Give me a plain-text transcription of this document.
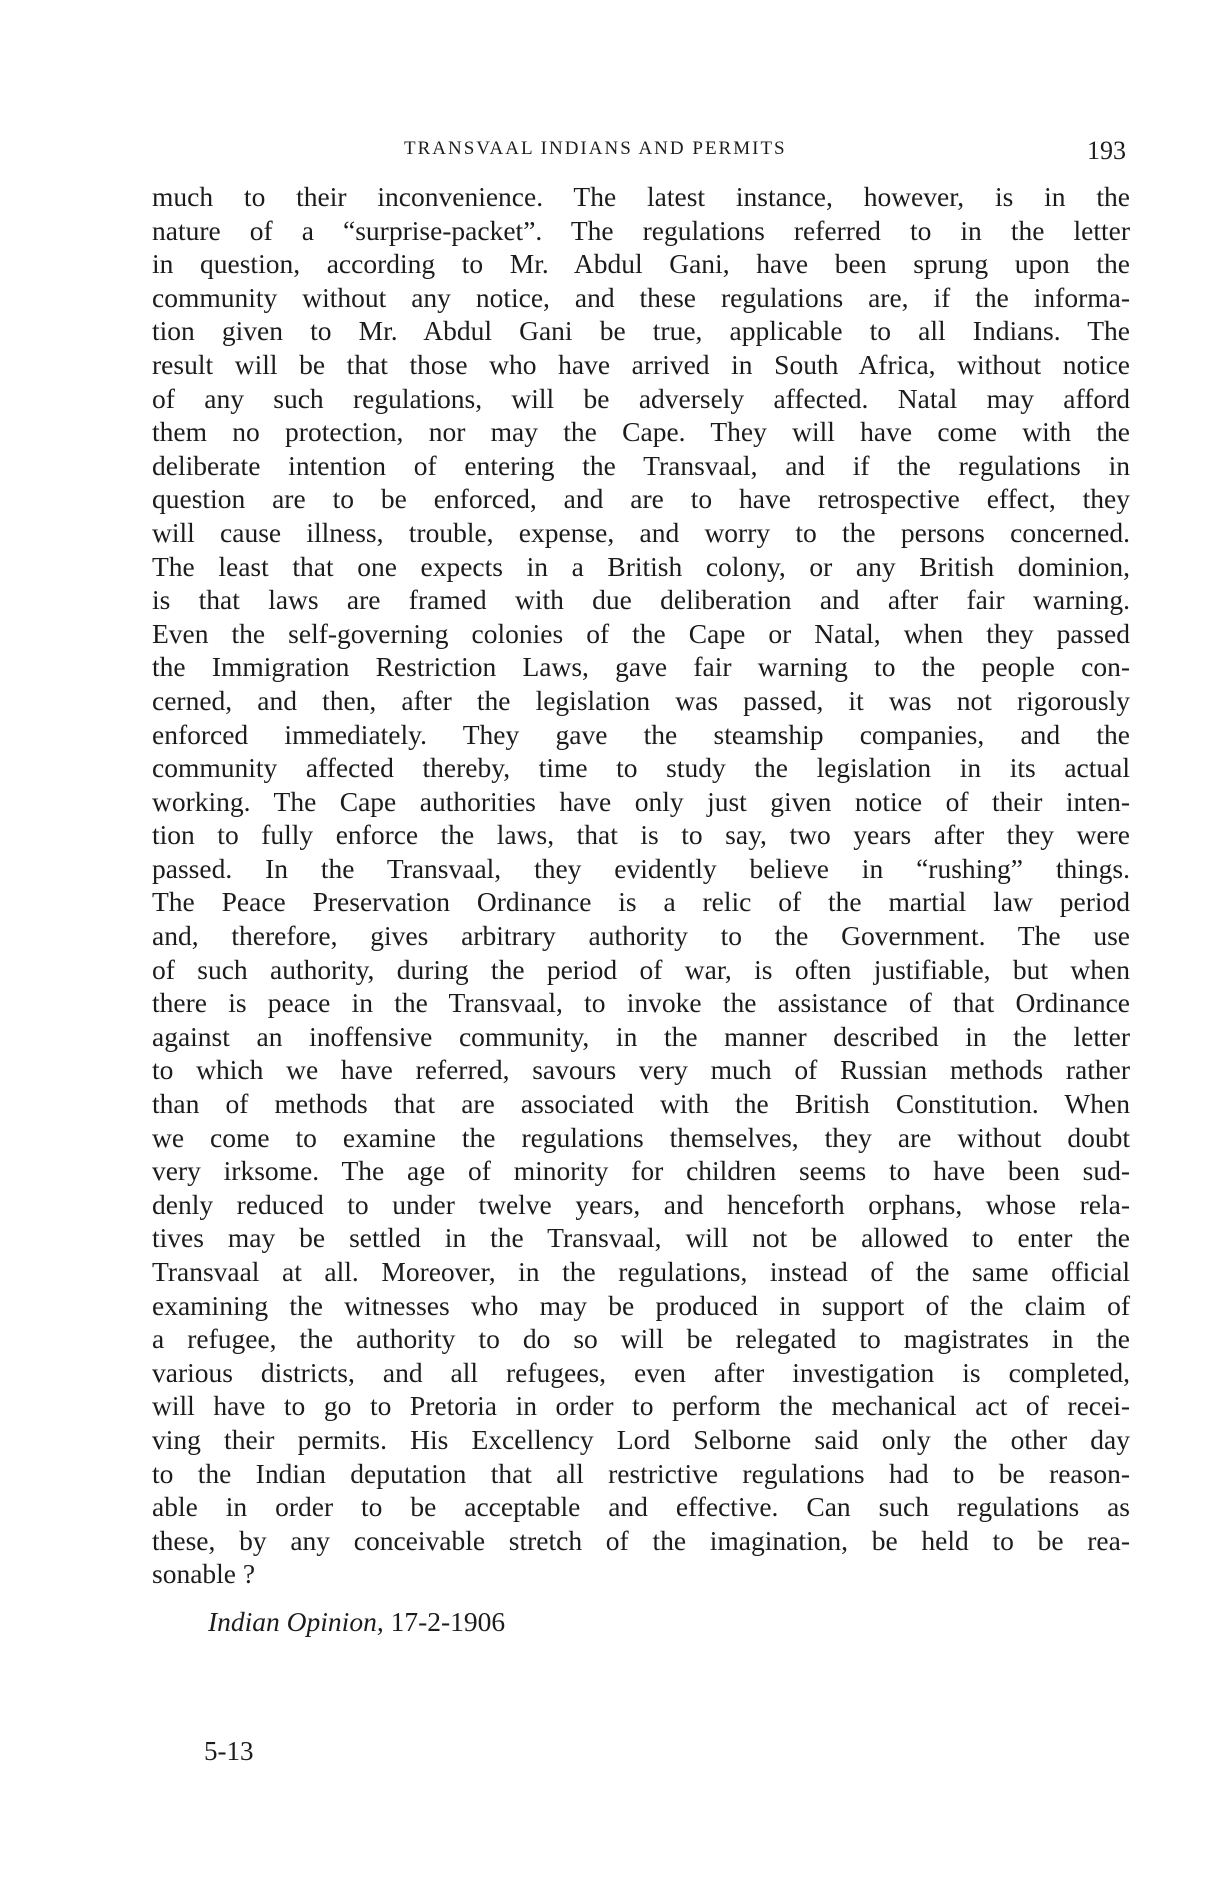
TRANSVAAL INDIANS AND PERMITS	193
much to their inconvenience. The latest instance, however, is in the
nature of a “surprise-packet”. The regulations referred to in the letter
in question, according to Mr. Abdul Gani, have been sprung upon the
community without any notice, and these regulations are, if the informa-
tion given to Mr. Abdul Gani be true, applicable to all Indians. The
result will be that those who have arrived in South Africa, without notice
of any such regulations, will be adversely affected. Natal may afford
them no protection, nor may the Cape. They will have come with the
deliberate intention of entering the Transvaal, and if the regulations in
question are to be enforced, and are to have retrospective effect, they
will cause illness, trouble, expense, and worry to the persons concerned.
The least that one expects in a British colony, or any British dominion,
is that laws are framed with due deliberation and after fair warning.
Even the self-governing colonies of the Cape or Natal, when they passed
the Immigration Restriction Laws, gave fair warning to the people con-
cerned, and then, after the legislation was passed, it was not rigorously
enforced immediately. They gave the steamship companies, and the
community affected thereby, time to study the legislation in its actual
working. The Cape authorities have only just given notice of their inten-
tion to fully enforce the laws, that is to say, two years after they were
passed. In the Transvaal, they evidently believe in “rushing” things.
The Peace Preservation Ordinance is a relic of the martial law period
and, therefore, gives arbitrary authority to the Government. The use
of such authority, during the period of war, is often justifiable, but when
there is peace in the Transvaal, to invoke the assistance of that Ordinance
against an inoffensive community, in the manner described in the letter
to which we have referred, savours very much of Russian methods rather
than of methods that are associated with the British Constitution. When
we come to examine the regulations themselves, they are without doubt
very irksome. The age of minority for children seems to have been sud-
denly reduced to under twelve years, and henceforth orphans, whose rela-
tives may be settled in the Transvaal, will not be allowed to enter the
Transvaal at all. Moreover, in the regulations, instead of the same official
examining the witnesses who may be produced in support of the claim of
a refugee, the authority to do so will be relegated to magistrates in the
various districts, and all refugees, even after investigation is completed,
will have to go to Pretoria in order to perform the mechanical act of recei-
ving their permits. His Excellency Lord Selborne said only the other day
to the Indian deputation that all restrictive regulations had to be reason-
able in order to be acceptable and effective. Can such regulations as
these, by any conceivable stretch of the imagination, be held to be rea-
sonable ?
Indian Opinion, 17-2-1906
5-13
